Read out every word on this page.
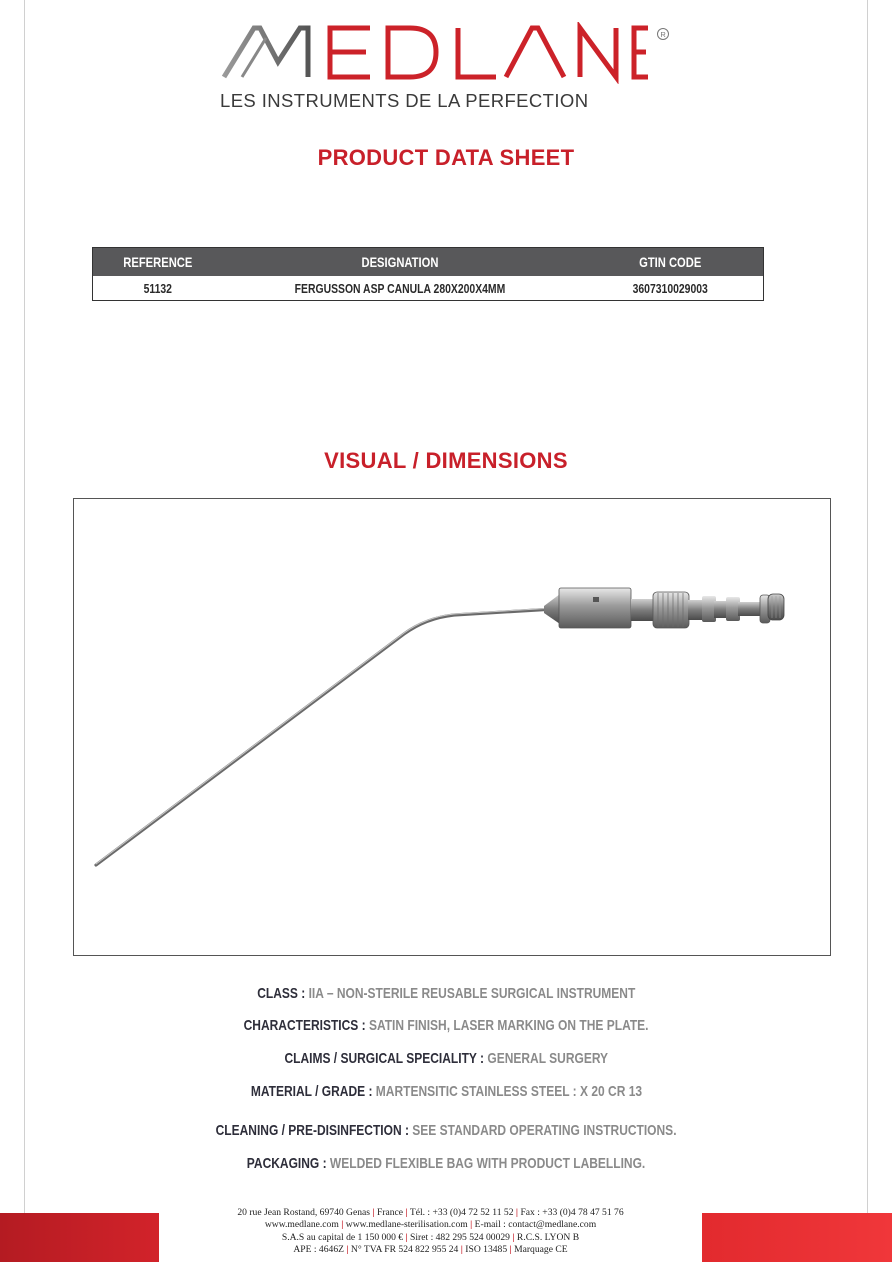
R
LES INSTRUMENTS DE LA PERFECTION
PRODUCT DATA SHEET
REFERENCE	DESIGNATION	GTIN CODE
51132	FERGUSSON ASP CANULA 280X200X4MM	3607310029003
VISUAL / DIMENSIONS
CLASS : IIA – NON-STERILE REUSABLE SURGICAL INSTRUMENT
CHARACTERISTICS : SATIN FINISH, LASER MARKING ON THE PLATE.
CLAIMS / SURGICAL SPECIALITY : GENERAL SURGERY
MATERIAL / GRADE : MARTENSITIC STAINLESS STEEL : X 20 CR 13
CLEANING / PRE-DISINFECTION : SEE STANDARD OPERATING INSTRUCTIONS.
PACKAGING : WELDED FLEXIBLE BAG WITH PRODUCT LABELLING.
20 rue Jean Rostand, 69740 Genas | France | Tél. : +33 (0)4 72 52 11 52 | Fax : +33 (0)4 78 47 51 76
www.medlane.com | www.medlane-sterilisation.com | E-mail : contact@medlane.com
S.A.S au capital de 1 150 000 € | Siret : 482 295 524 00029 | R.C.S. LYON B
APE : 4646Z | N° TVA FR 524 822 955 24 | ISO 13485 | Marquage CE
